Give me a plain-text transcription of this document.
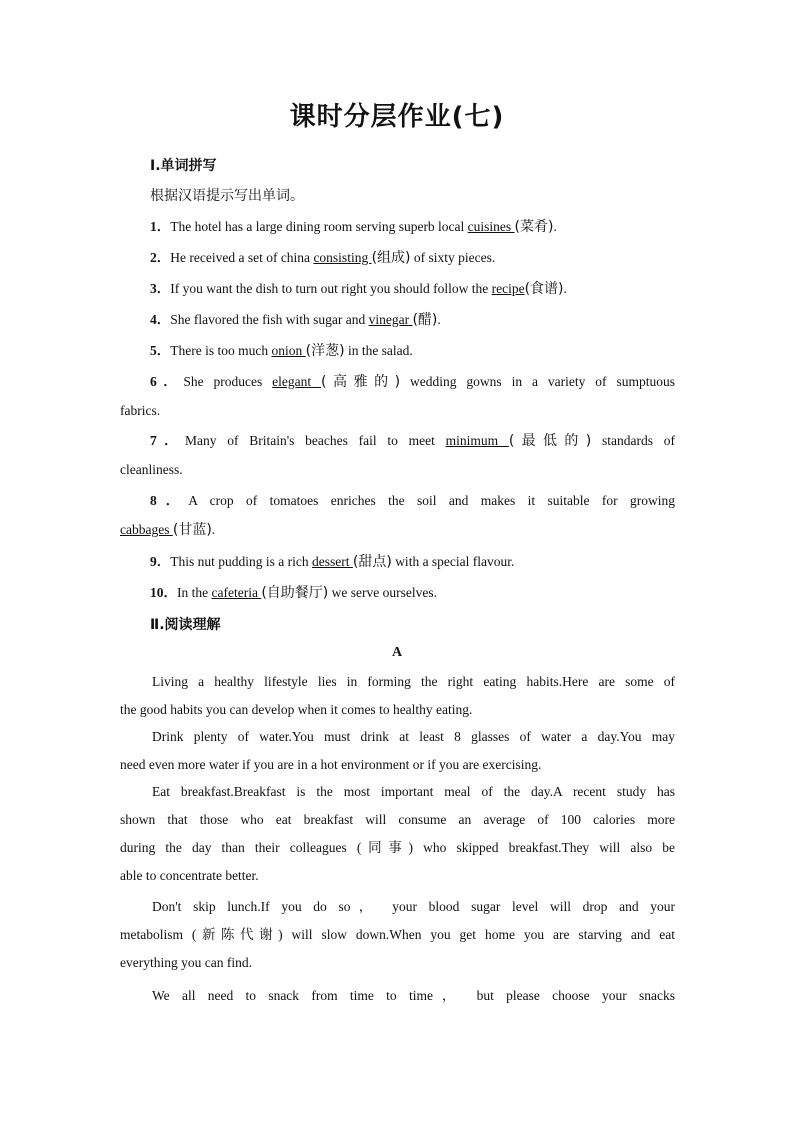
课时分层作业(七)
Ⅰ.单词拼写
根据汉语提示写出单词。
1．The hotel has a large dining room serving superb local cuisines (菜肴).
2．He received a set of china consisting (组成) of sixty pieces.
3．If you want the dish to turn out right you should follow the recipe(食谱).
4．She flavored the fish with sugar and vinegar (醋).
5．There is too much onion (洋葱) in the salad.
6．She produces elegant (高雅的) wedding gowns in a variety of sumptuous
fabrics.
7．Many of Britain's beaches fail to meet minimum (最低的) standards of
cleanliness.
8．A crop of tomatoes enriches the soil and makes it suitable for growing
cabbages (甘蓝).
9．This nut pudding is a rich dessert (甜点) with a special flavour.
10．In the cafeteria (自助餐厅) we serve ourselves.
Ⅱ.阅读理解
A
Living a healthy lifestyle lies in forming the right eating habits.Here are some of
the good habits you can develop when it comes to healthy eating.
Drink plenty of water.You must drink at least 8 glasses of water a day.You may
need even more water if you are in a hot environment or if you are exercising.
Eat breakfast.Breakfast is the most important meal of the day.A recent study has
shown that those who eat breakfast will consume an average of 100 calories more
during the day than their colleagues (同事) who skipped breakfast.They will also be
able to concentrate better.
Don't skip lunch.If you do so， your blood sugar level will drop and your
metabolism (新陈代谢) will slow down.When you get home you are starving and eat
everything you can find.
We all need to snack from time to time， but please choose your snacks
